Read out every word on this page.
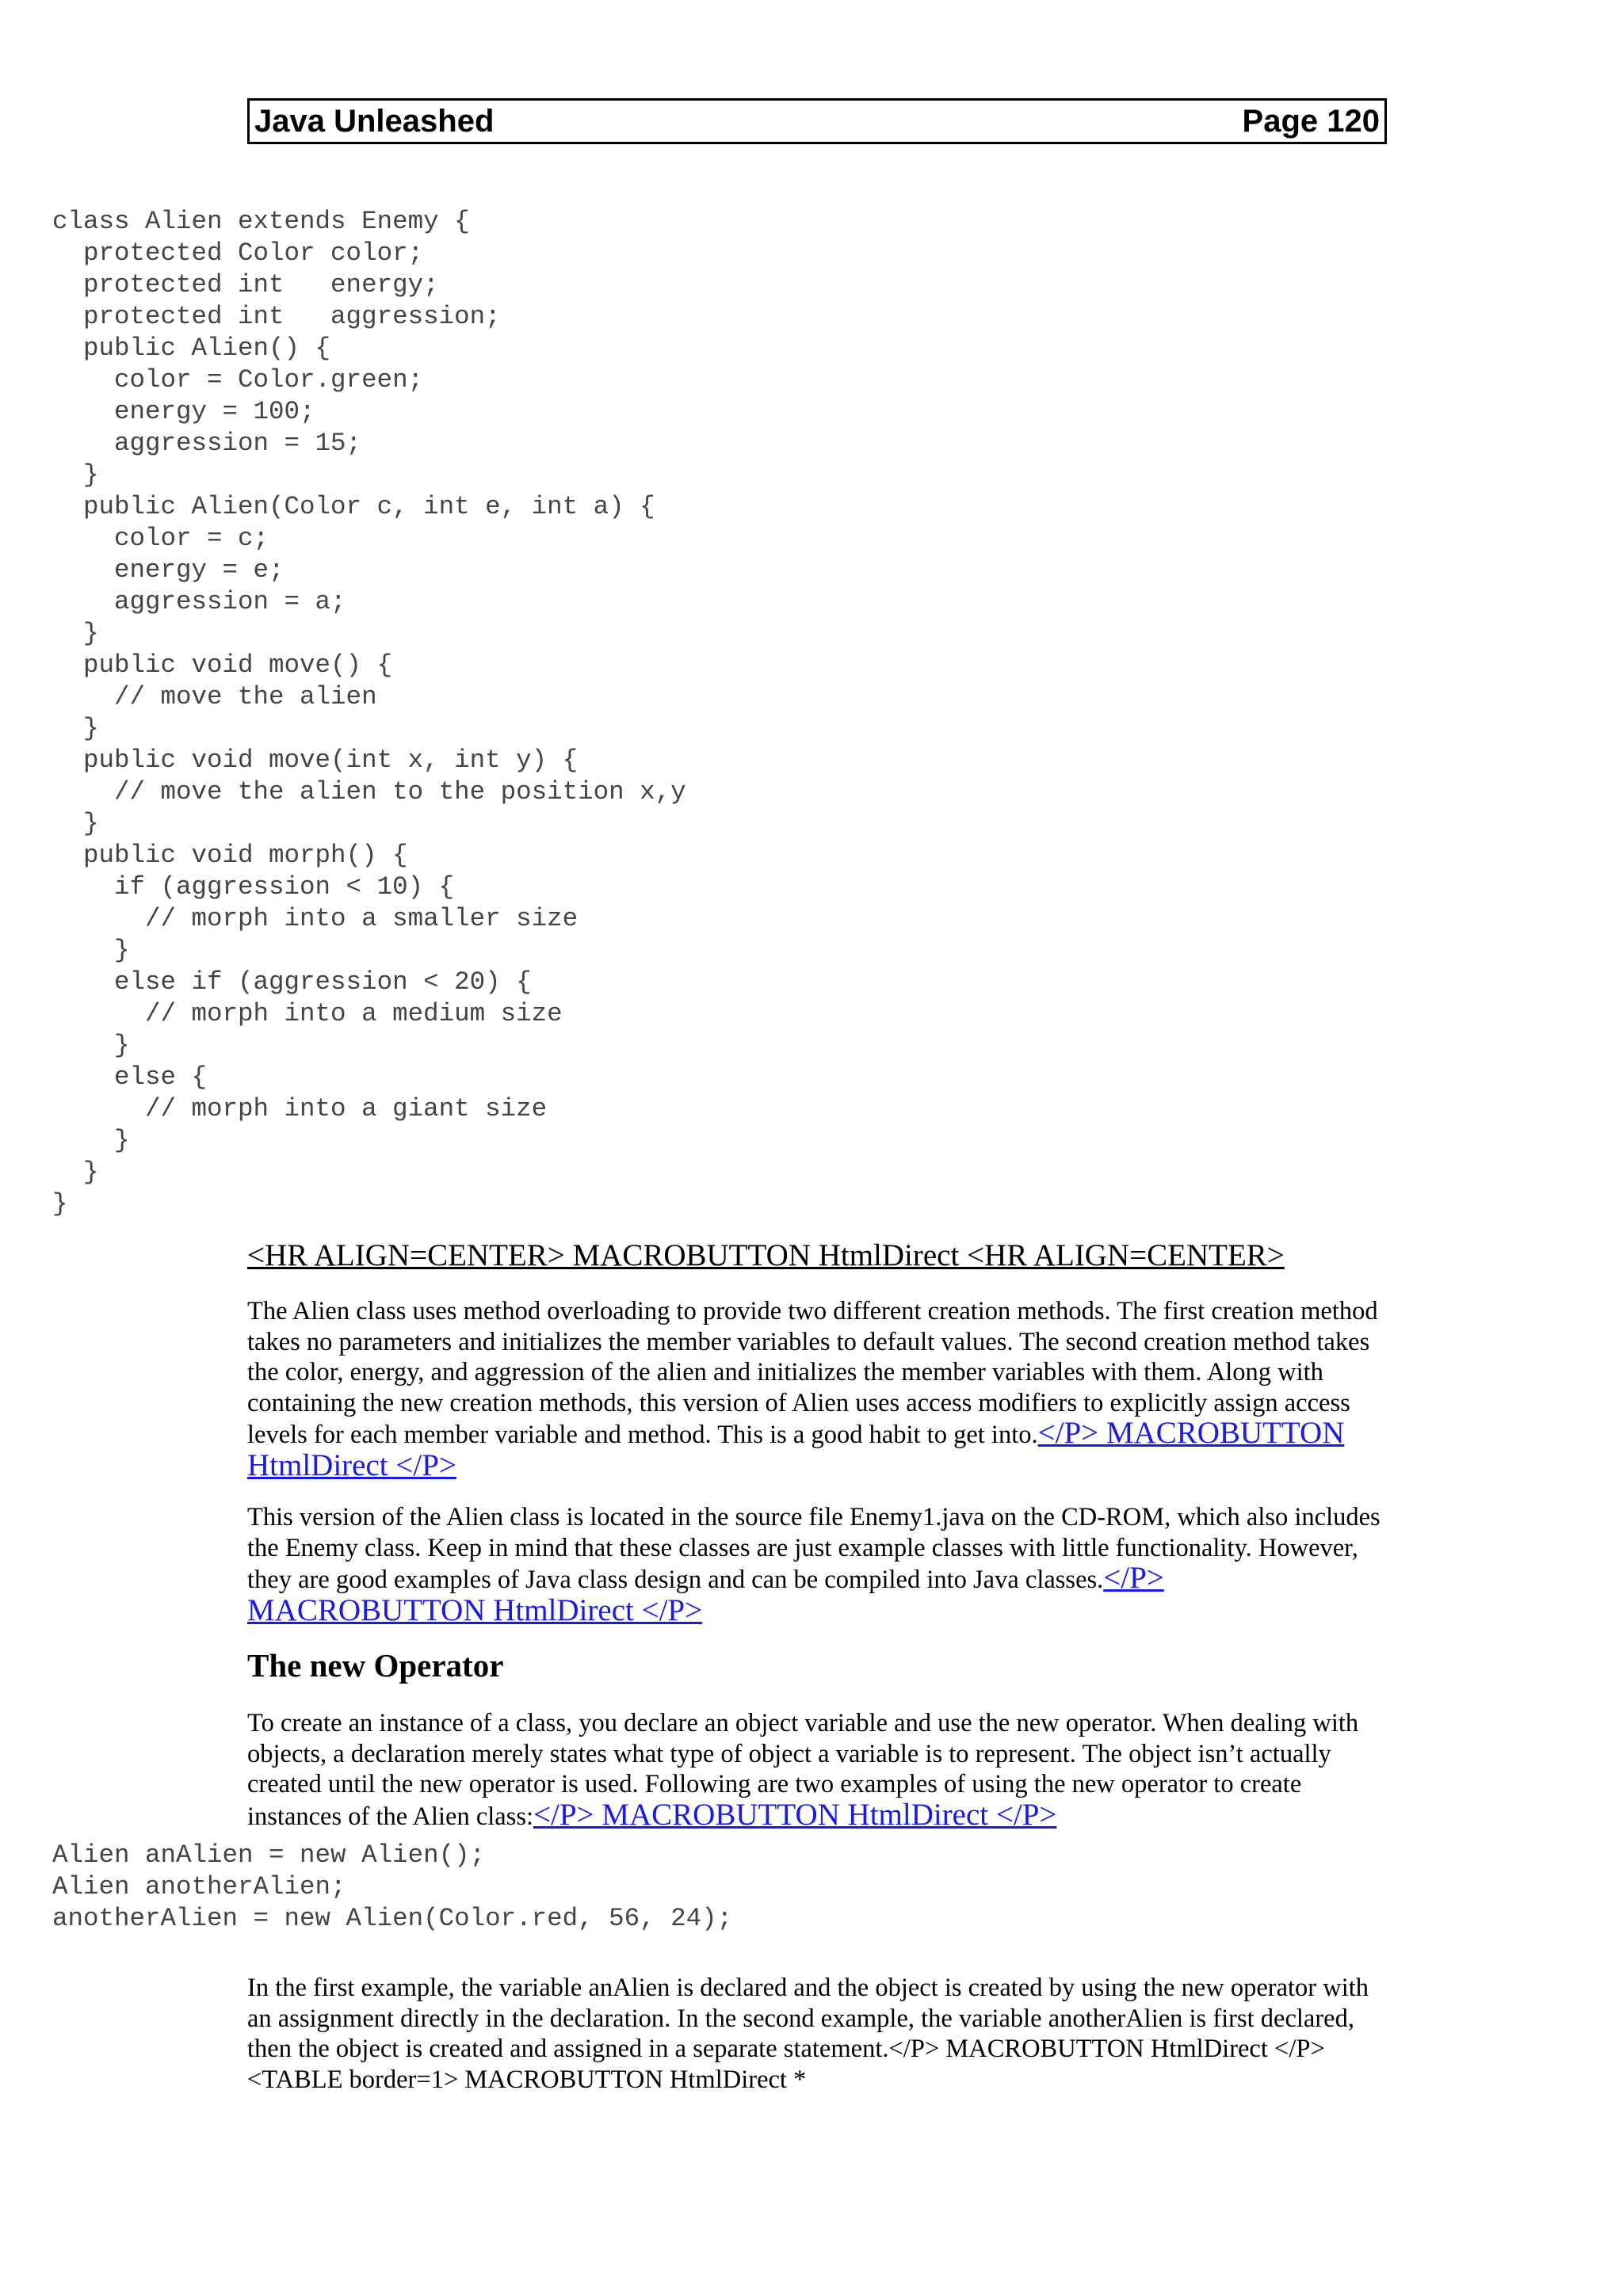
Java Unleashed	Page 120
class Alien extends Enemy {
protected Color color;
protected int   energy;
protected int   aggression;
public Alien() {
color = Color.green;
energy = 100;
aggression = 15;
}
public Alien(Color c, int e, int a) {
color = c;
energy = e;
aggression = a;
}
public void move() {
// move the alien
}
public void move(int x, int y) {
// move the alien to the position x,y
}
public void morph() {
if (aggression < 10) {
// morph into a smaller size
}
else if (aggression < 20) {
// morph into a medium size
}
else {
// morph into a giant size
}
}
}
<HR ALIGN=CENTER> MACROBUTTON HtmlDirect <HR ALIGN=CENTER>

The Alien class uses method overloading to provide two different creation methods. The first creation method takes no parameters and initializes the member variables to default values. The second creation method takes the color, energy, and aggression of the alien and initializes the member variables with them. Along with containing the new creation methods, this version of Alien uses access modifiers to explicitly assign access levels for each member variable and method. This is a good habit to get into.</P> MACROBUTTON HtmlDirect </P>

This version of the Alien class is located in the source file Enemy1.java on the CD-ROM, which also includes the Enemy class. Keep in mind that these classes are just example classes with little functionality. However, they are good examples of Java class design and can be compiled into Java classes.</P> MACROBUTTON HtmlDirect </P>

The new Operator

To create an instance of a class, you declare an object variable and use the new operator. When dealing with objects, a declaration merely states what type of object a variable is to represent. The object isn’t actually created until the new operator is used. Following are two examples of using the new operator to create instances of the Alien class:</P> MACROBUTTON HtmlDirect </P>

Alien anAlien = new Alien();
Alien anotherAlien;
anotherAlien = new Alien(Color.red, 56, 24);

In the first example, the variable anAlien is declared and the object is created by using the new operator with an assignment directly in the declaration. In the second example, the variable anotherAlien is first declared, then the object is created and assigned in a separate statement.</P> MACROBUTTON HtmlDirect </P><TABLE border=1> MACROBUTTON HtmlDirect *
